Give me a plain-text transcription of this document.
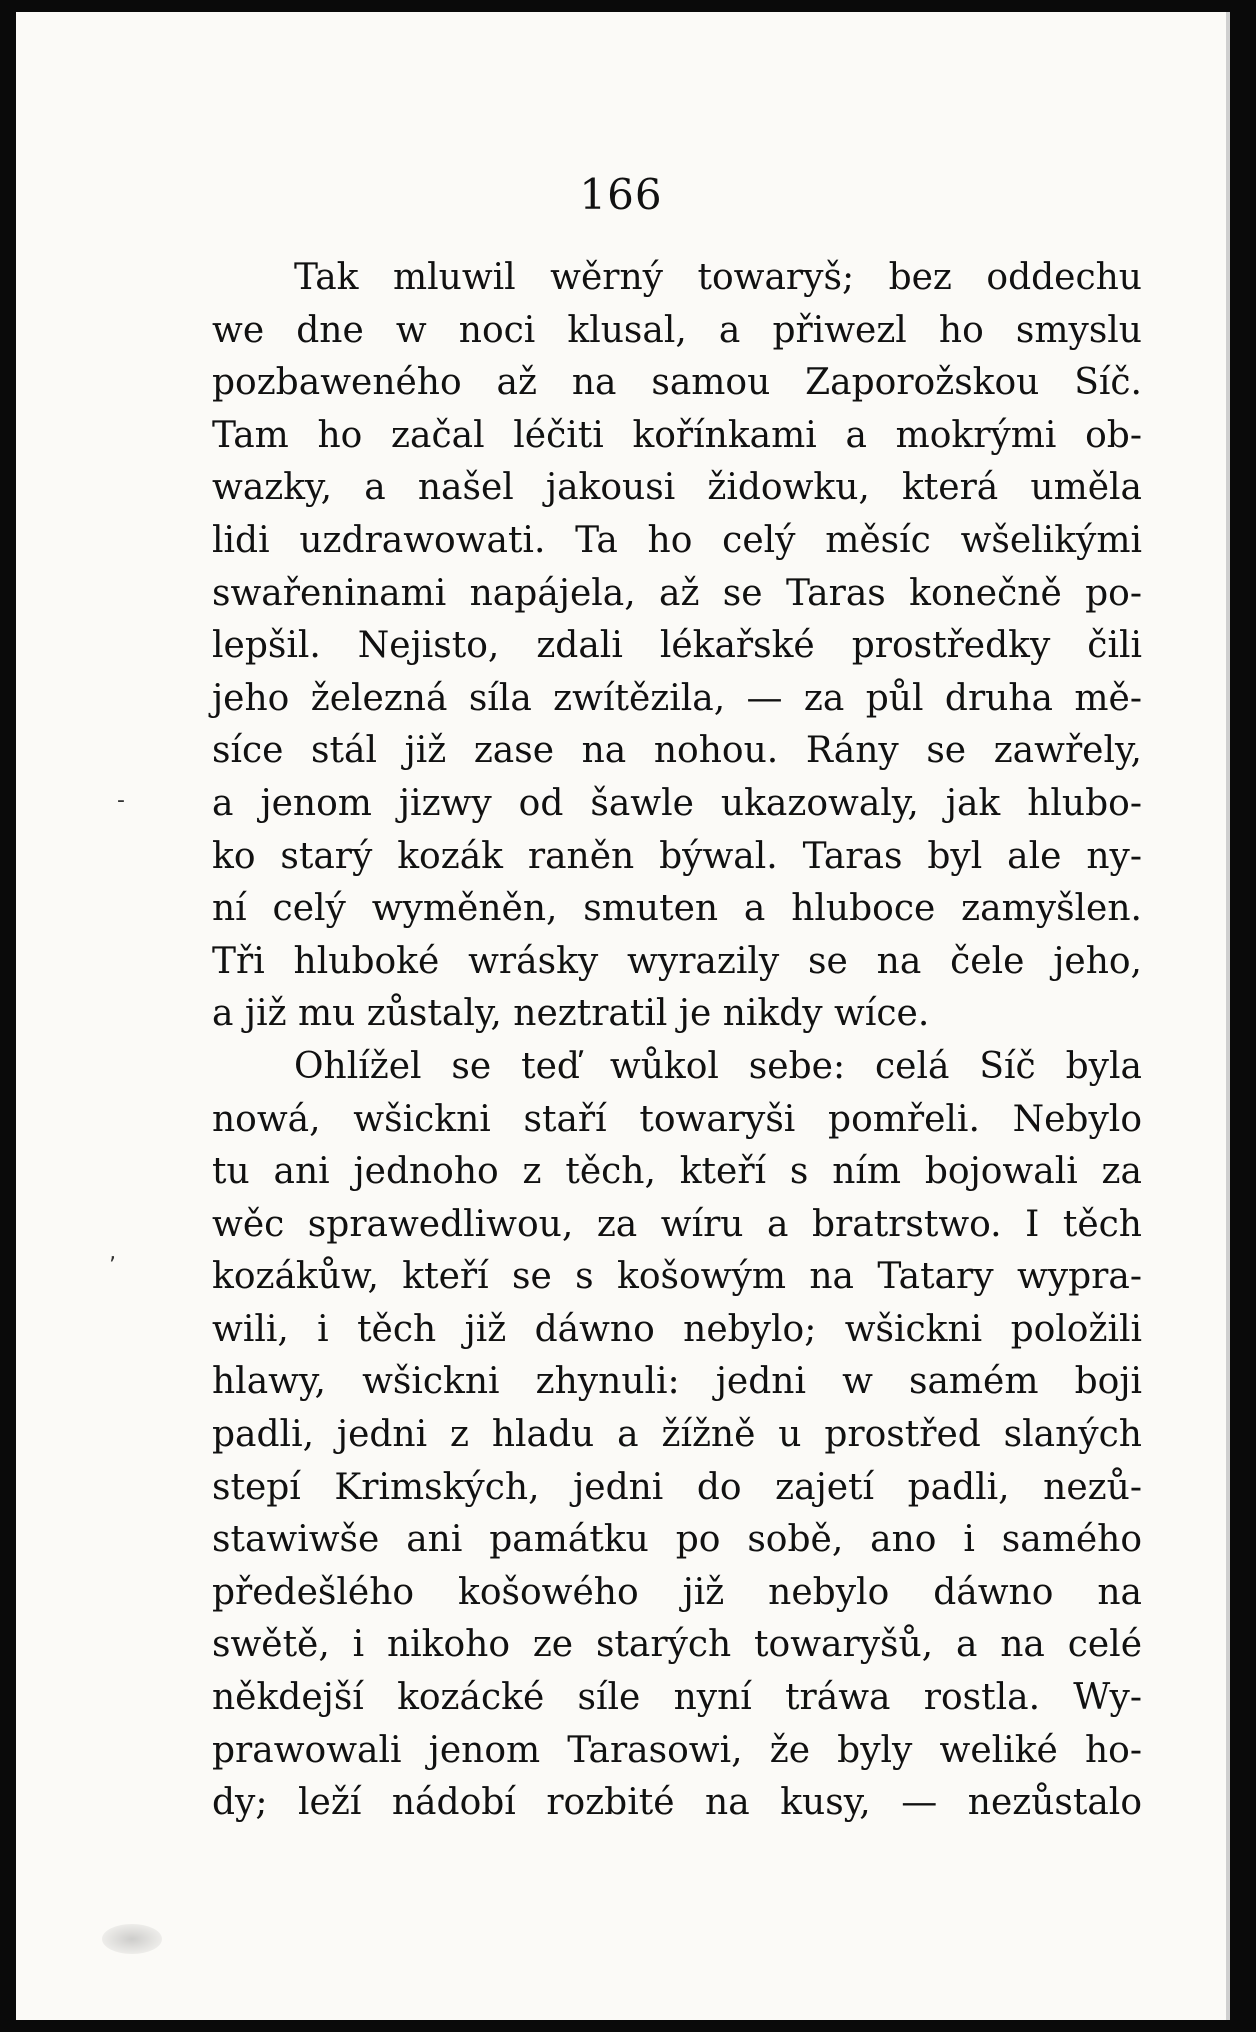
166
-
‚
Tak mluwil wěrný towaryš; bez oddechu
we dne w noci klusal, a přiwezl ho smyslu
pozbaweného až na samou Zaporožskou Síč.
Tam ho začal léčiti kořínkami a mokrými ob-
wazky, a našel jakousi židowku, která uměla
lidi uzdrawowati. Ta ho celý měsíc wšelikými
swařeninami napájela, až se Taras konečně po-
lepšil. Nejisto, zdali lékařské prostředky čili
jeho železná síla zwítězila, — za půl druha mě-
síce stál již zase na nohou. Rány se zawřely,
a jenom jizwy od šawle ukazowaly, jak hlubo-
ko starý kozák raněn býwal. Taras byl ale ny-
ní celý wyměněn, smuten a hluboce zamyšlen.
Tři hluboké wrásky wyrazily se na čele jeho,
a již mu zůstaly, neztratil je nikdy wíce.
Ohlížel se teď wůkol sebe: celá Síč byla
nowá, wšickni staří towaryši pomřeli. Nebylo
tu ani jednoho z těch, kteří s ním bojowali za
wěc sprawedliwou, za wíru a bratrstwo. I těch
kozákůw, kteří se s košowým na Tatary wypra-
wili, i těch již dáwno nebylo; wšickni položili
hlawy, wšickni zhynuli: jedni w samém boji
padli, jedni z hladu a žížně u prostřed slaných
stepí Krimských, jedni do zajetí padli, nezů-
stawiwše ani památku po sobě, ano i samého
předešlého košowého již nebylo dáwno na
swětě, i nikoho ze starých towaryšů, a na celé
někdejší kozácké síle nyní tráwa rostla. Wy-
prawowali jenom Tarasowi, že byly weliké ho-
dy; leží nádobí rozbité na kusy, — nezůstalo
